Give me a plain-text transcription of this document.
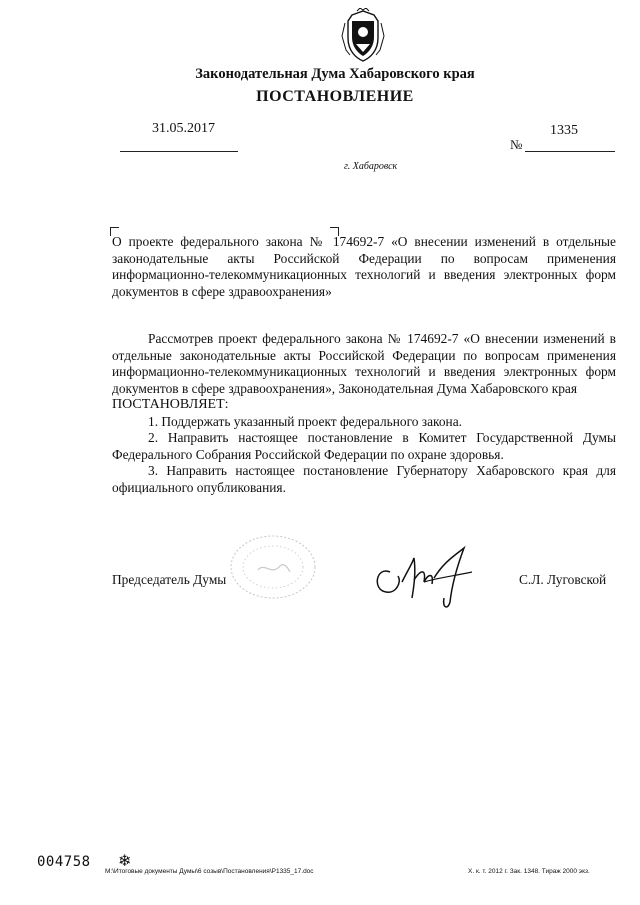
Законодательная Дума Хабаровского края
ПОСТАНОВЛЕНИЕ
31.05.2017
№
1335
г. Хабаровск
О проекте федерального закона № 174692-7 «О внесении изменений в отдельные законодательные акты Российской Федерации по вопросам применения информационно-телекоммуникационных технологий и введения электронных форм документов в сфере здравоохранения»

Рассмотрев проект федерального закона № 174692-7 «О внесении изменений в отдельные законодательные акты Российской Федерации по вопросам применения информационно-телекоммуникационных технологий и введения электронных форм документов в сфере здравоохранения», Законодательная Дума Хабаровского края

ПОСТАНОВЛЯЕТ:

1. Поддержать указанный проект федерального закона.

2. Направить настоящее постановление в Комитет Государственной Думы Федерального Собрания Российской Федерации по охране здоровья.

3. Направить настоящее постановление Губернатору Хабаровского края для официального опубликования.

Председатель Думы	С.Л. Луговской
004758 ❄
M:\Итоговые документы Думы\6 созыв\Постановления\P1335_17.doc	Х. к. т. 2012 г. Зак. 1348. Тираж 2000 экз.
